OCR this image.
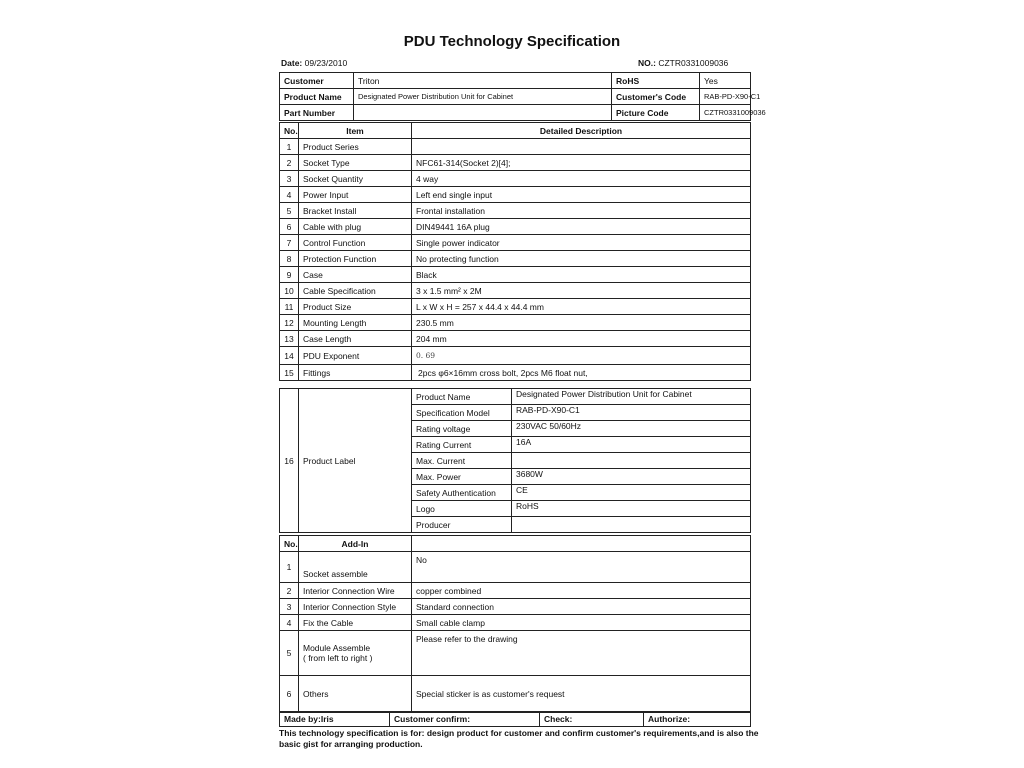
PDU Technology Specification
Date: 09/23/2010	NO.: CZTR0331009036
Customer	Triton	RoHS	Yes
Product Name	Designated Power Distribution Unit for Cabinet	Customer's Code	RAB-PD-X90-C1
Part Number		Picture Code	CZTR0331009036
No.	Item	Detailed Description
1	Product Series	
2	Socket Type	NFC61-314(Socket 2)[4];
3	Socket Quantity	4 way
4	Power Input	Left end single input
5	Bracket Install	Frontal installation
6	Cable with plug	DIN49441 16A plug
7	Control Function	Single power indicator
8	Protection Function	No protecting function
9	Case	Black
10	Cable Specification	3 x 1.5 mm² x 2M
11	Product Size	L x W x H = 257 x 44.4 x 44.4 mm
12	Mounting Length	230.5 mm
13	Case Length	204 mm
14	PDU Exponent	0. 69
15	Fittings	2pcs φ6×16mm cross bolt, 2pcs M6 float nut,
16	Product Label	Product Name	Designated Power Distribution Unit for Cabinet
		Specification Model	RAB-PD-X90-C1
		Rating voltage	230VAC 50/60Hz
		Rating Current	16A
		Max. Current	
		Max. Power	3680W
		Safety Authentication	CE
		Logo	RoHS
		Producer	
No.	Add-In	
1	Socket assemble	No
2	Interior Connection Wire	copper combined
3	Interior Connection Style	Standard connection
4	Fix the Cable	Small cable clamp
5	Module Assemble
( from left to right )	Please refer to the drawing
6	Others	Special sticker is as customer's request
Made by:Iris	Customer confirm:	Check:	Authorize:
This technology specification is for: design product for customer and confirm customer's requirements,and is also the basic gist for arranging production.
